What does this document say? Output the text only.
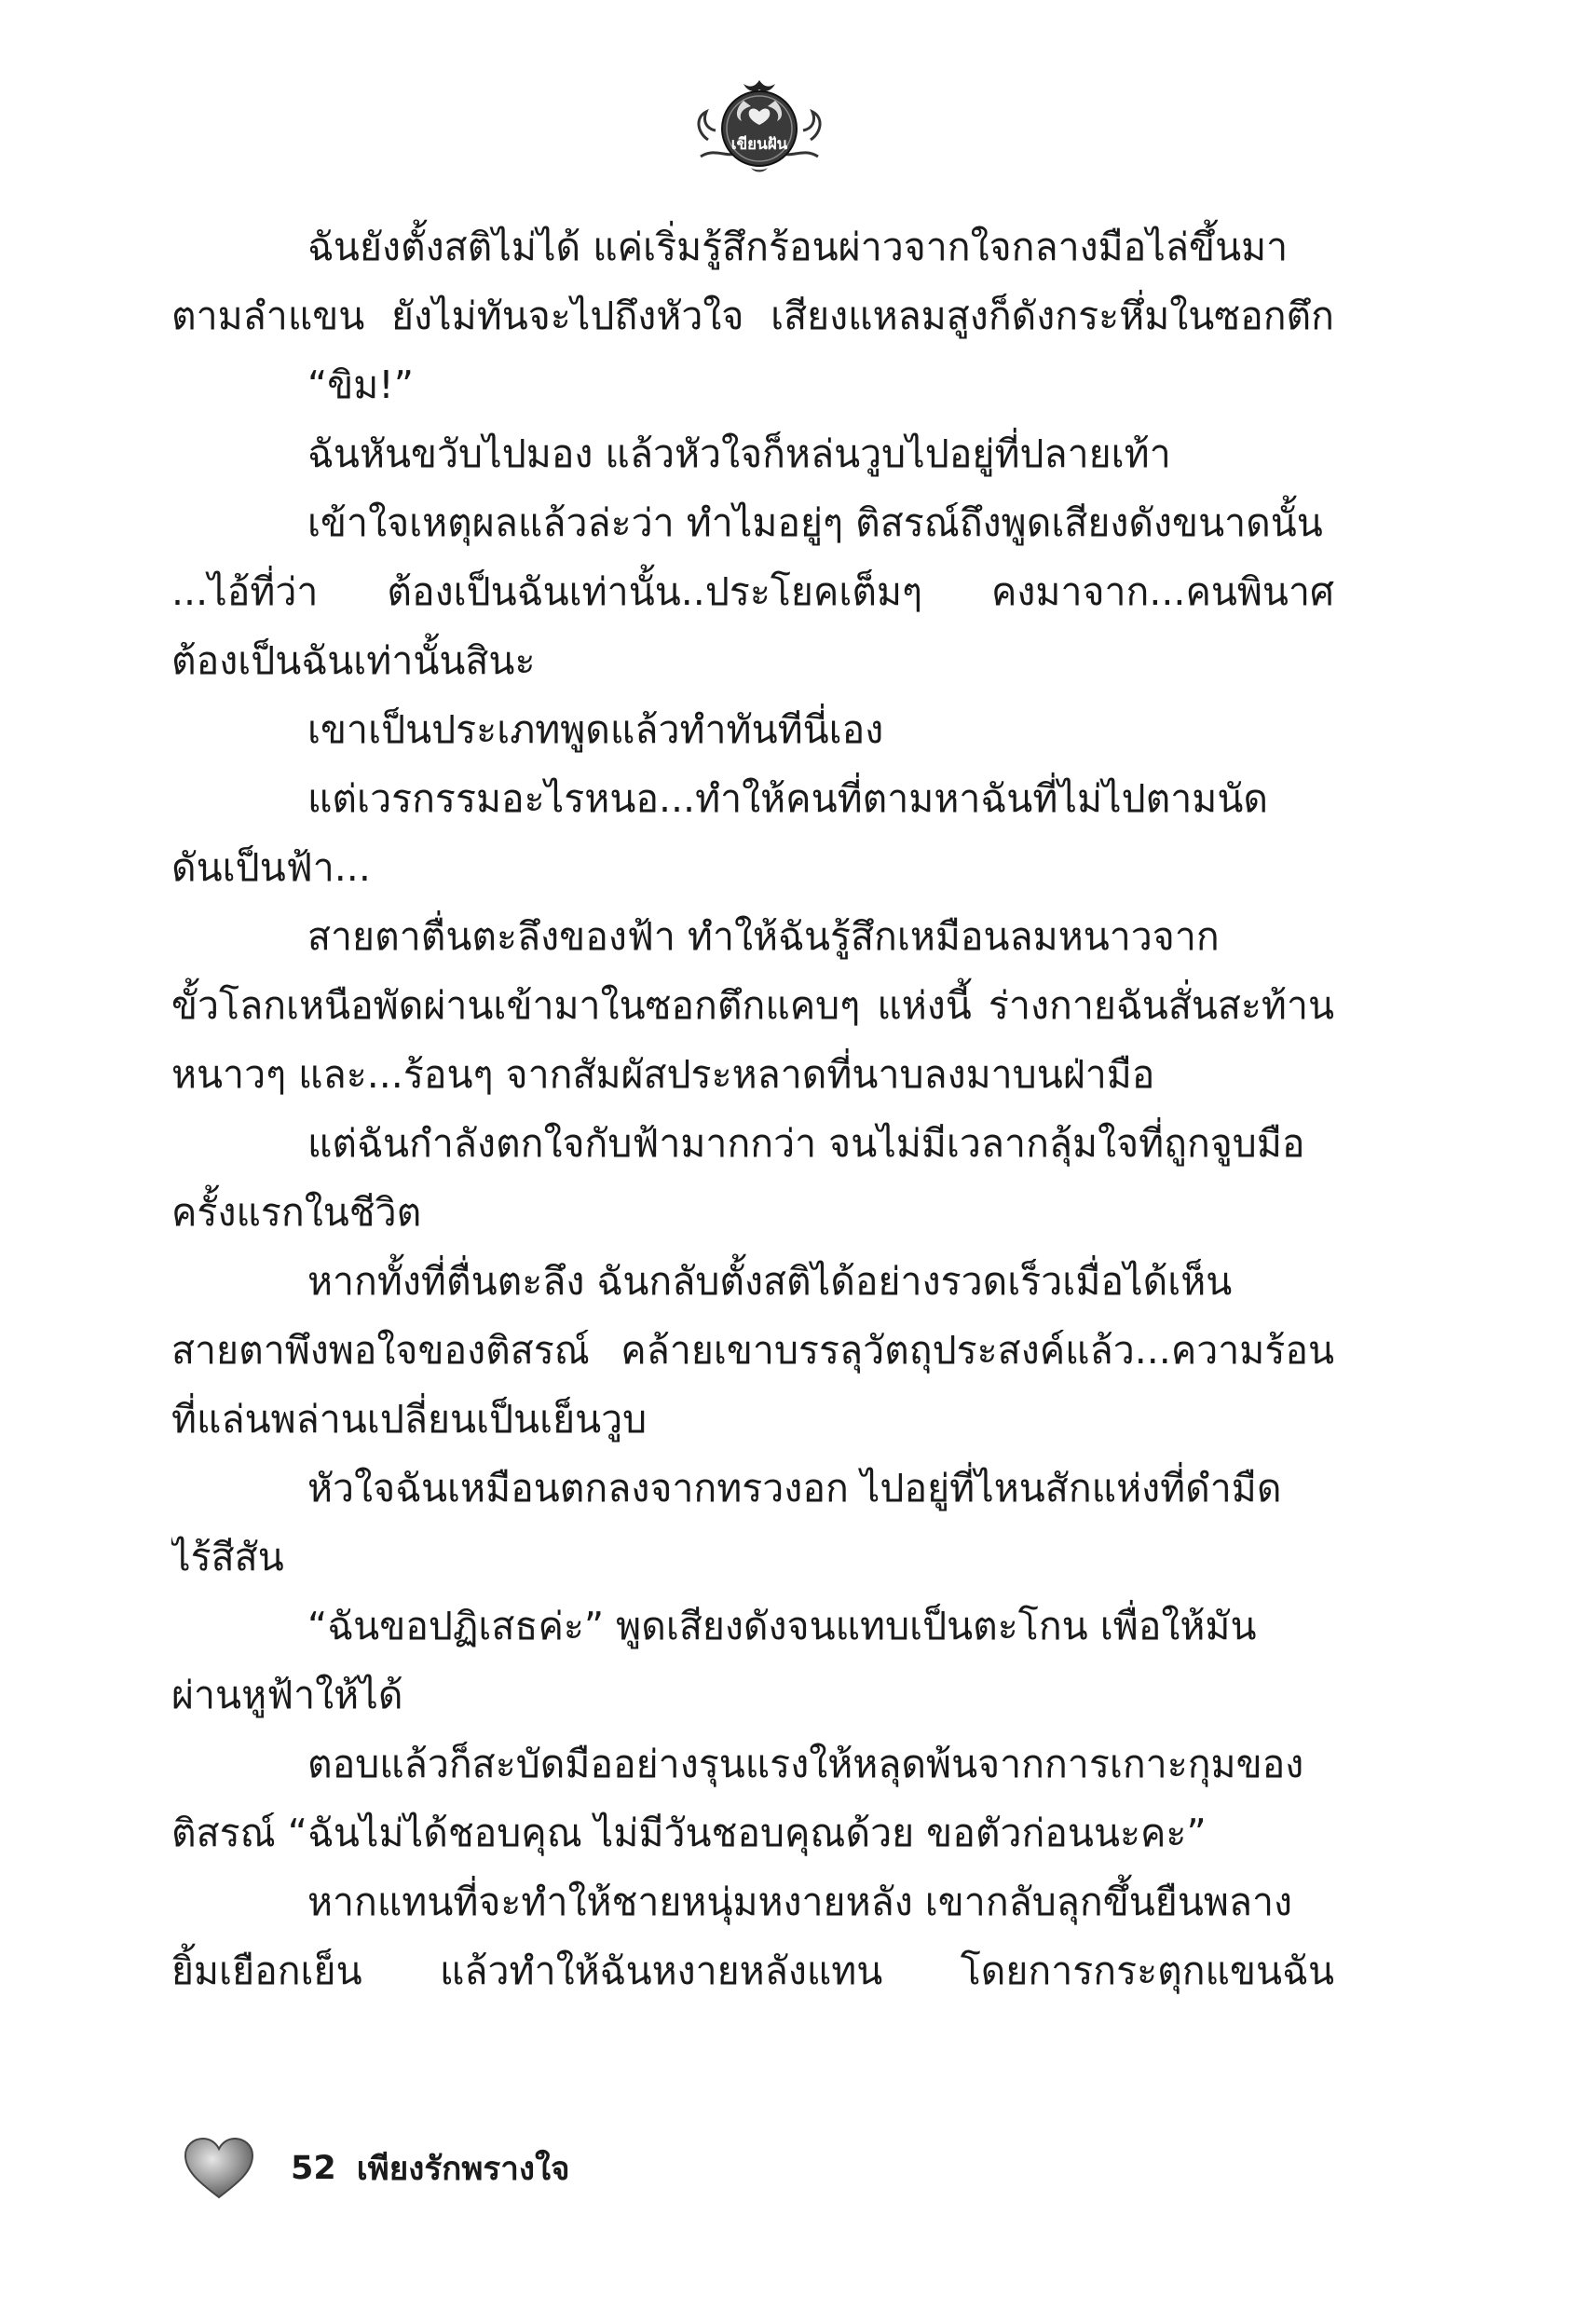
เขียนฝัน
ฉันยังตั้งสติไม่ได้ แค่เริ่มรู้สึกร้อนผ่าวจากใจกลางมือไล่ขึ้นมา
ตามลำแขน ยังไม่ทันจะไปถึงหัวใจ เสียงแหลมสูงก็ดังกระหึ่มในซอกตึก
“ขิม!”
ฉันหันขวับไปมอง แล้วหัวใจก็หล่นวูบไปอยู่ที่ปลายเท้า
เข้าใจเหตุผลแล้วล่ะว่า ทำไมอยู่ๆ ติสรณ์ถึงพูดเสียงดังขนาดนั้น
...ไอ้ที่ว่า ต้องเป็นฉันเท่านั้น..ประโยคเต็มๆ คงมาจาก...คนพินาศ
ต้องเป็นฉันเท่านั้นสินะ
เขาเป็นประเภทพูดแล้วทำทันทีนี่เอง
แต่เวรกรรมอะไรหนอ...ทำให้คนที่ตามหาฉันที่ไม่ไปตามนัด
ดันเป็นฟ้า...
สายตาตื่นตะลึงของฟ้า ทำให้ฉันรู้สึกเหมือนลมหนาวจาก
ขั้วโลกเหนือพัดผ่านเข้ามาในซอกตึกแคบๆ แห่งนี้ ร่างกายฉันสั่นสะท้าน
หนาวๆ และ...ร้อนๆ จากสัมผัสประหลาดที่นาบลงมาบนฝ่ามือ
แต่ฉันกำลังตกใจกับฟ้ามากกว่า จนไม่มีเวลากลุ้มใจที่ถูกจูบมือ
ครั้งแรกในชีวิต
หากทั้งที่ตื่นตะลึง ฉันกลับตั้งสติได้อย่างรวดเร็วเมื่อได้เห็น
สายตาพึงพอใจของติสรณ์ คล้ายเขาบรรลุวัตถุประสงค์แล้ว...ความร้อน
ที่แล่นพล่านเปลี่ยนเป็นเย็นวูบ
หัวใจฉันเหมือนตกลงจากทรวงอก ไปอยู่ที่ไหนสักแห่งที่ดำมืด
ไร้สีสัน
“ฉันขอปฏิเสธค่ะ” พูดเสียงดังจนแทบเป็นตะโกน เพื่อให้มัน
ผ่านหูฟ้าให้ได้
ตอบแล้วก็สะบัดมืออย่างรุนแรงให้หลุดพ้นจากการเกาะกุมของ
ติสรณ์ “ฉันไม่ได้ชอบคุณ ไม่มีวันชอบคุณด้วย ขอตัวก่อนนะคะ”
หากแทนที่จะทำให้ชายหนุ่มหงายหลัง เขากลับลุกขึ้นยืนพลาง
ยิ้มเยือกเย็น แล้วทำให้ฉันหงายหลังแทน โดยการกระตุกแขนฉัน
52 เพียงรักพรางใจ
